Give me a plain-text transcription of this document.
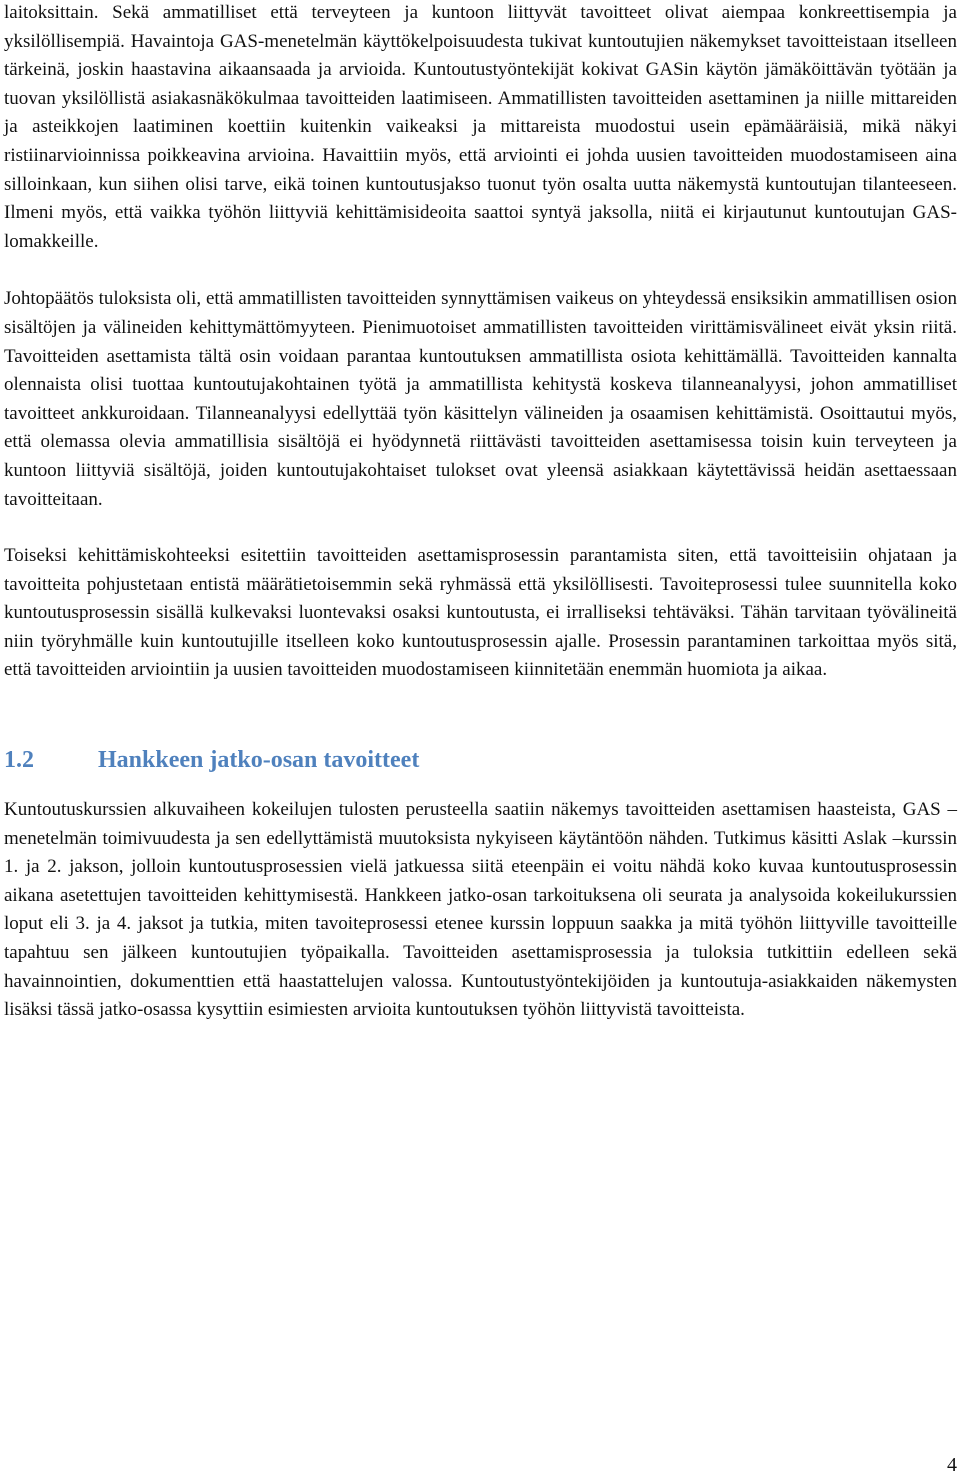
laitoksittain. Sekä ammatilliset että terveyteen ja kuntoon liittyvät tavoitteet olivat aiempaa konkreettisempia ja yksilöllisempiä. Havaintoja GAS-menetelmän käyttökelpoisuudesta tukivat kuntoutujien näkemykset tavoitteistaan itselleen tärkeinä, joskin haastavina aikaansaada ja arvioida. Kuntoutustyöntekijät kokivat GASin käytön jämäköittävän työtään ja tuovan yksilöllistä asiakasnäkökulmaa tavoitteiden laatimiseen. Ammatillisten tavoitteiden asettaminen ja niille mittareiden ja asteikkojen laatiminen koettiin kuitenkin vaikeaksi ja mittareista muodostui usein epämääräisiä, mikä näkyi ristiinarvioinnissa poikkeavina arvioina. Havaittiin myös, että arviointi ei johda uusien tavoitteiden muodostamiseen aina silloinkaan, kun siihen olisi tarve, eikä toinen kuntoutusjakso tuonut työn osalta uutta näkemystä kuntoutujan tilanteeseen. Ilmeni myös, että vaikka työhön liittyviä kehittämisideoita saattoi syntyä jaksolla, niitä ei kirjautunut kuntoutujan GAS-lomakkeille.

Johtopäätös tuloksista oli, että ammatillisten tavoitteiden synnyttämisen vaikeus on yhteydessä ensiksikin ammatillisen osion sisältöjen ja välineiden kehittymättömyyteen. Pienimuotoiset ammatillisten tavoitteiden virittämisvälineet eivät yksin riitä. Tavoitteiden asettamista tältä osin voidaan parantaa kuntoutuksen ammatillista osiota kehittämällä. Tavoitteiden kannalta olennaista olisi tuottaa kuntoutujakohtainen työtä ja ammatillista kehitystä koskeva tilanneanalyysi, johon ammatilliset tavoitteet ankkuroidaan. Tilanneanalyysi edellyttää työn käsittelyn välineiden ja osaamisen kehittämistä. Osoittautui myös, että olemassa olevia ammatillisia sisältöjä ei hyödynnetä riittävästi tavoitteiden asettamisessa toisin kuin terveyteen ja kuntoon liittyviä sisältöjä, joiden kuntoutujakohtaiset tulokset ovat yleensä asiakkaan käytettävissä heidän asettaessaan tavoitteitaan.

Toiseksi kehittämiskohteeksi esitettiin tavoitteiden asettamisprosessin parantamista siten, että tavoitteisiin ohjataan ja tavoitteita pohjustetaan entistä määrätietoisemmin sekä ryhmässä että yksilöllisesti. Tavoiteprosessi tulee suunnitella koko kuntoutusprosessin sisällä kulkevaksi luontevaksi osaksi kuntoutusta, ei irralliseksi tehtäväksi. Tähän tarvitaan työvälineitä niin työryhmälle kuin kuntoutujille itselleen koko kuntoutusprosessin ajalle. Prosessin parantaminen tarkoittaa myös sitä, että tavoitteiden arviointiin ja uusien tavoitteiden muodostamiseen kiinnitetään enemmän huomiota ja aikaa.

1.2	Hankkeen jatko-osan tavoitteet

Kuntoutuskurssien alkuvaiheen kokeilujen tulosten perusteella saatiin näkemys tavoitteiden asettamisen haasteista, GAS –menetelmän toimivuudesta ja sen edellyttämistä muutoksista nykyiseen käytäntöön nähden. Tutkimus käsitti Aslak –kurssin 1. ja 2. jakson, jolloin kuntoutusprosessien vielä jatkuessa siitä eteenpäin ei voitu nähdä koko kuvaa kuntoutusprosessin aikana asetettujen tavoitteiden kehittymisestä. Hankkeen jatko-osan tarkoituksena oli seurata ja analysoida kokeilukurssien loput eli 3. ja 4. jaksot ja tutkia, miten tavoiteprosessi etenee kurssin loppuun saakka ja mitä työhön liittyville tavoitteille tapahtuu sen jälkeen kuntoutujien työpaikalla. Tavoitteiden asettamisprosessia ja tuloksia tutkittiin edelleen sekä havainnointien, dokumenttien että haastattelujen valossa. Kuntoutustyöntekijöiden ja kuntoutuja-asiakkaiden näkemysten lisäksi tässä jatko-osassa kysyttiin esimiesten arvioita kuntoutuksen työhön liittyvistä tavoitteista.

4
